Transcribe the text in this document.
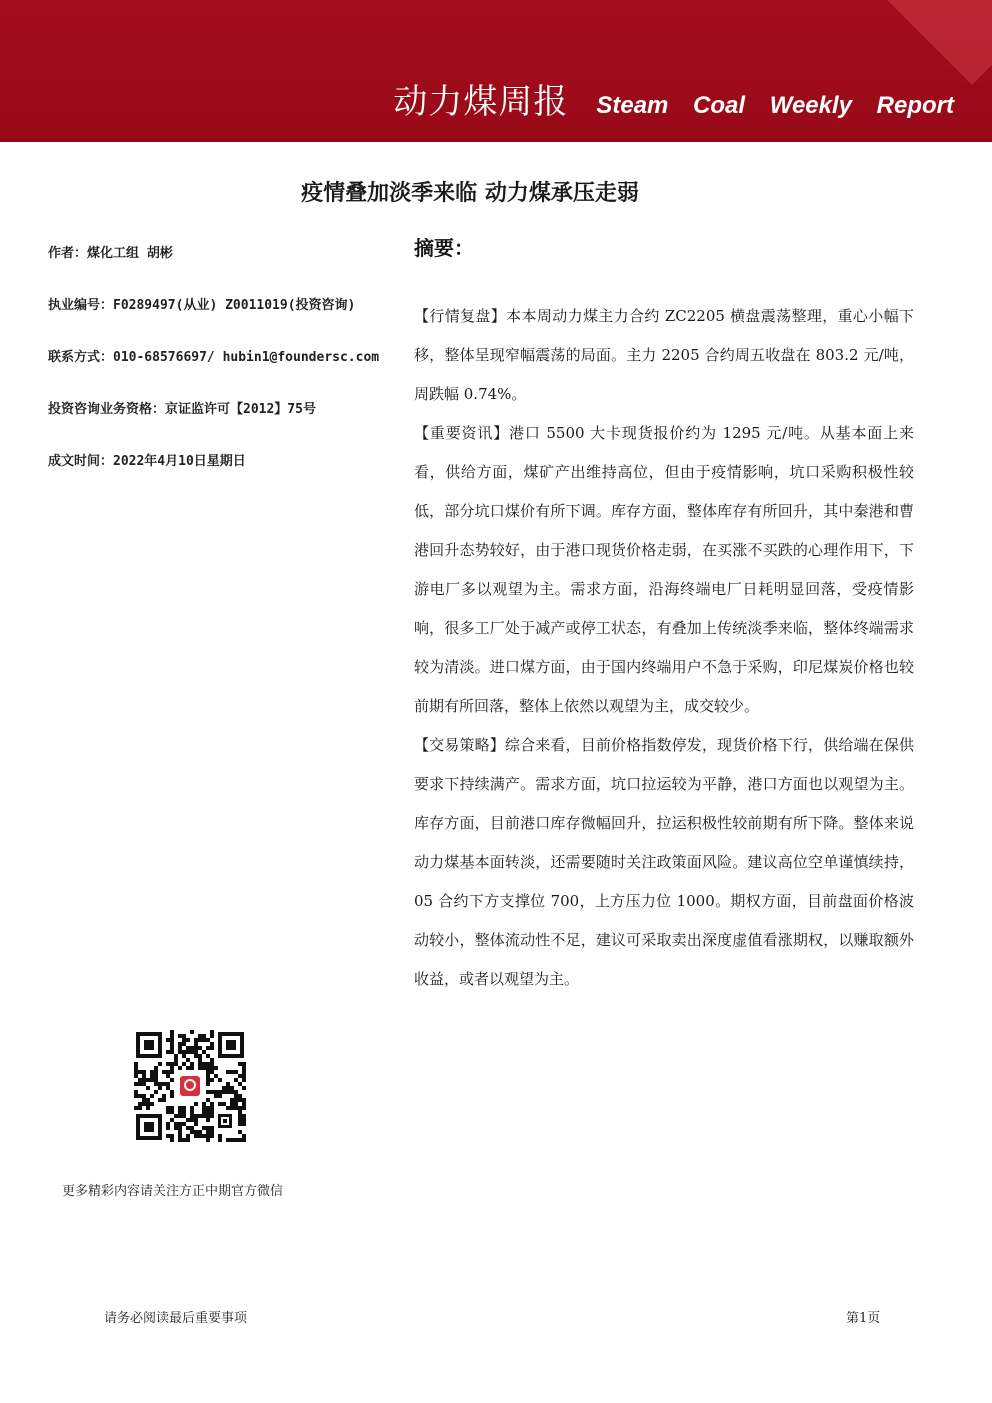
动力煤周报 Steam Coal Weekly Report
疫情叠加淡季来临 动力煤承压走弱
作者：煤化工组 胡彬
执业编号：F0289497(从业) Z0011019(投资咨询)
联系方式：010-68576697/ hubin1@foundersc.com
投资咨询业务资格：京证监许可【2012】75号
成文时间：2022年4月10日星期日
摘要：

【行情复盘】本本周动力煤主力合约 ZC2205 横盘震荡整理，重心小幅下移，整体呈现窄幅震荡的局面。主力 2205 合约周五收盘在 803.2 元/吨，周跌幅 0.74%。

【重要资讯】港口 5500 大卡现货报价约为 1295 元/吨。从基本面上来看，供给方面，煤矿产出维持高位，但由于疫情影响，坑口采购积极性较低，部分坑口煤价有所下调。库存方面，整体库存有所回升，其中秦港和曹港回升态势较好，由于港口现货价格走弱，在买涨不买跌的心理作用下，下游电厂多以观望为主。需求方面，沿海终端电厂日耗明显回落，受疫情影响，很多工厂处于减产或停工状态，有叠加上传统淡季来临，整体终端需求较为清淡。进口煤方面，由于国内终端用户不急于采购，印尼煤炭价格也较前期有所回落，整体上依然以观望为主，成交较少。

【交易策略】综合来看，目前价格指数停发，现货价格下行，供给端在保供要求下持续满产。需求方面，坑口拉运较为平静，港口方面也以观望为主。库存方面，目前港口库存微幅回升，拉运积极性较前期有所下降。整体来说动力煤基本面转淡，还需要随时关注政策面风险。建议高位空单谨慎续持，05 合约下方支撑位 700，上方压力位 1000。期权方面，目前盘面价格波动较小，整体流动性不足，建议可采取卖出深度虚值看涨期权，以赚取额外收益，或者以观望为主。

更多精彩内容请关注方正中期官方微信
请务必阅读最后重要事项	第1页
